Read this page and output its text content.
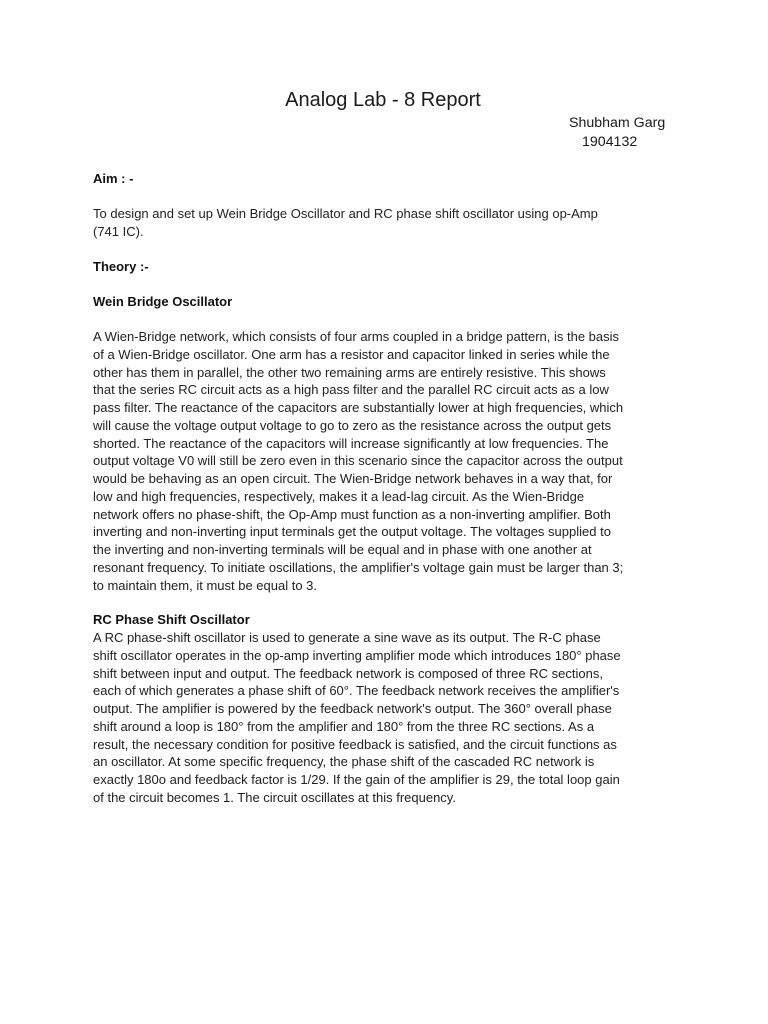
Analog Lab - 8 Report
Shubham Garg
1904132
Aim : -
To design and set up Wein Bridge Oscillator and RC phase shift oscillator using op-Amp
(741 IC).
Theory :-
Wein Bridge Oscillator
A Wien-Bridge network, which consists of four arms coupled in a bridge pattern, is the basis
of a Wien-Bridge oscillator. One arm has a resistor and capacitor linked in series while the
other has them in parallel, the other two remaining arms are entirely resistive. This shows
that the series RC circuit acts as a high pass filter and the parallel RC circuit acts as a low
pass filter. The reactance of the capacitors are substantially lower at high frequencies, which
will cause the voltage output voltage to go to zero as the resistance across the output gets
shorted. The reactance of the capacitors will increase significantly at low frequencies. The
output voltage V0 will still be zero even in this scenario since the capacitor across the output
would be behaving as an open circuit. The Wien-Bridge network behaves in a way that, for
low and high frequencies, respectively, makes it a lead-lag circuit. As the Wien-Bridge
network offers no phase-shift, the Op-Amp must function as a non-inverting amplifier. Both
inverting and non-inverting input terminals get the output voltage. The voltages supplied to
the inverting and non-inverting terminals will be equal and in phase with one another at
resonant frequency. To initiate oscillations, the amplifier's voltage gain must be larger than 3;
to maintain them, it must be equal to 3.
RC Phase Shift Oscillator
A RC phase-shift oscillator is used to generate a sine wave as its output. The R-C phase
shift oscillator operates in the op-amp inverting amplifier mode which introduces 180° phase
shift between input and output. The feedback network is composed of three RC sections,
each of which generates a phase shift of 60°. The feedback network receives the amplifier's
output. The amplifier is powered by the feedback network's output. The 360° overall phase
shift around a loop is 180° from the amplifier and 180° from the three RC sections. As a
result, the necessary condition for positive feedback is satisfied, and the circuit functions as
an oscillator. At some specific frequency, the phase shift of the cascaded RC network is
exactly 180o and feedback factor is 1/29. If the gain of the amplifier is 29, the total loop gain
of the circuit becomes 1. The circuit oscillates at this frequency.
